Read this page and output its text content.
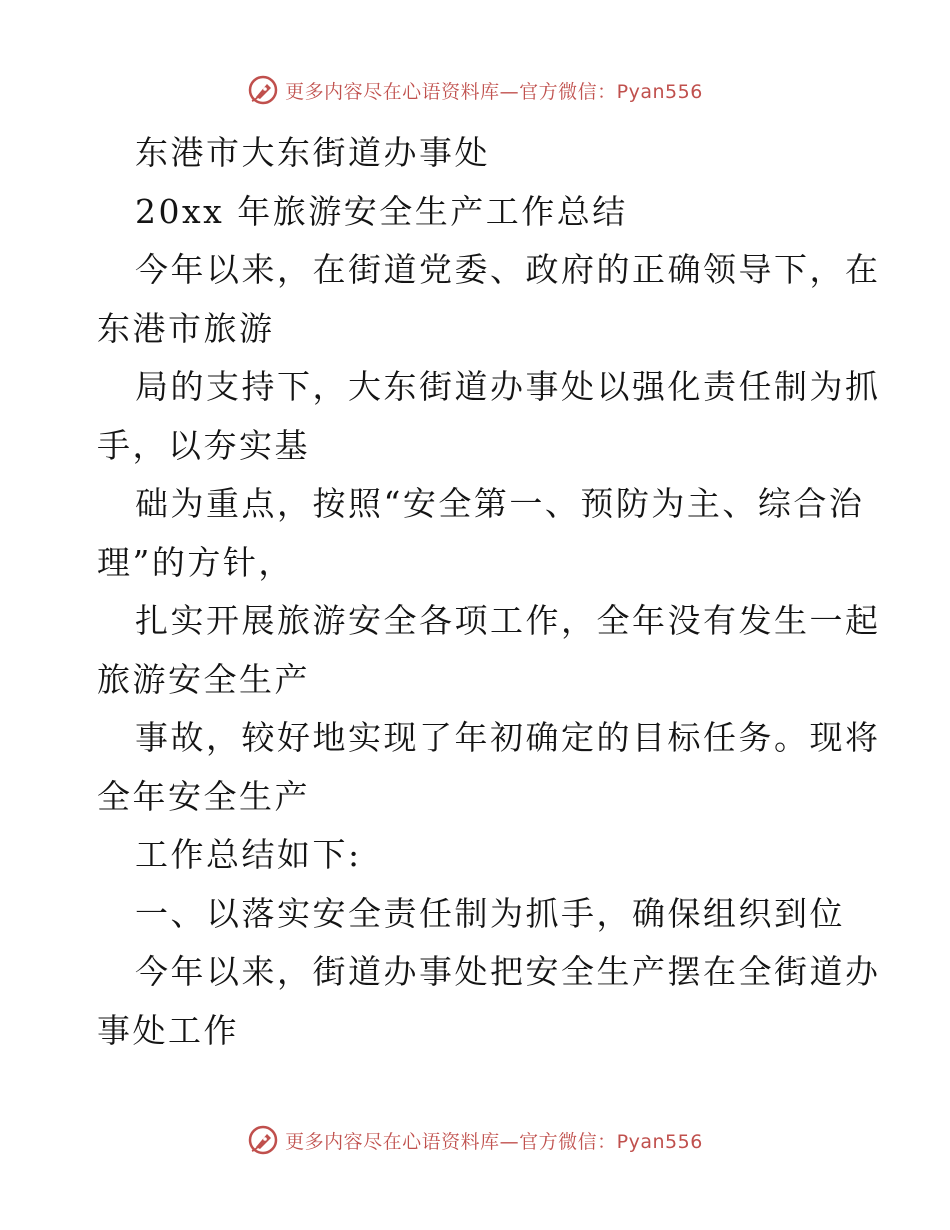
更多内容尽在心语资料库—官方微信：Pyan556
东港市大东街道办事处
20xx 年旅游安全生产工作总结
今年以来，在街道党委、政府的正确领导下，在
东港市旅游
局的支持下，大东街道办事处以强化责任制为抓
手，以夯实基
础为重点，按照“安全第一、预防为主、综合治
理”的方针，
扎实开展旅游安全各项工作，全年没有发生一起
旅游安全生产
事故，较好地实现了年初确定的目标任务。现将
全年安全生产
工作总结如下:
一、以落实安全责任制为抓手，确保组织到位
今年以来，街道办事处把安全生产摆在全街道办
事处工作
更多内容尽在心语资料库—官方微信：Pyan556
